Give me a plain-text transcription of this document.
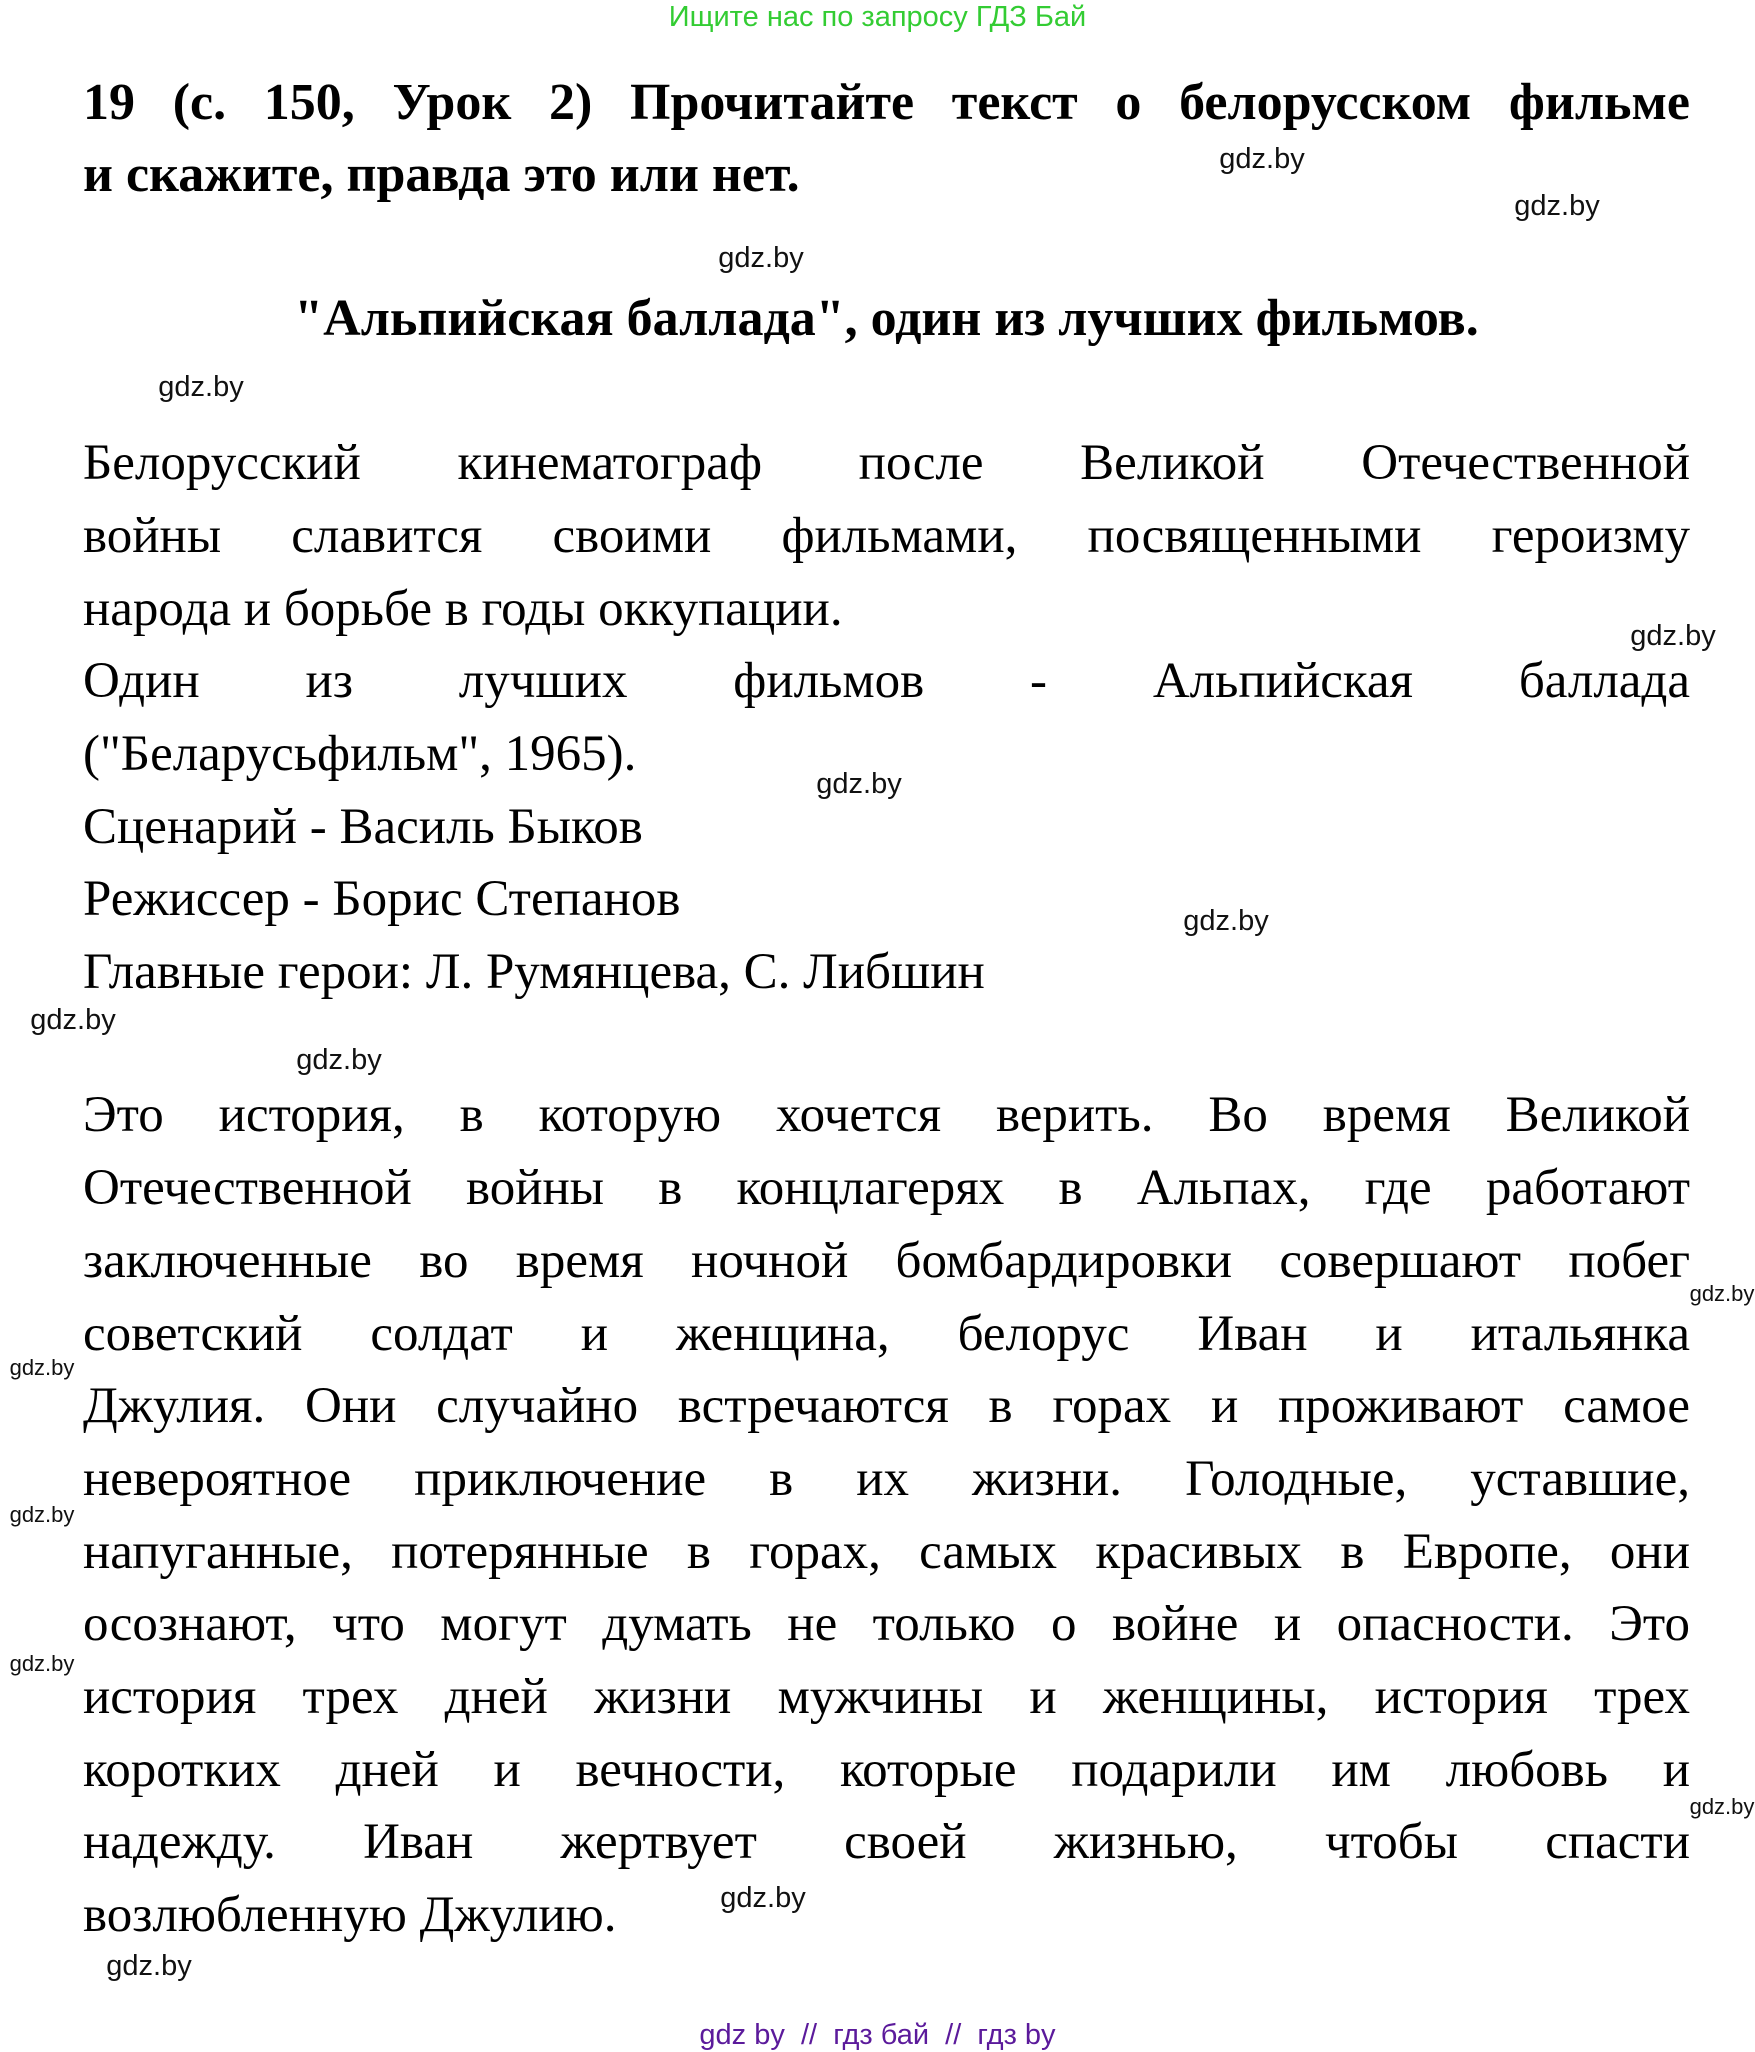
Ищите нас по запросу ГДЗ Бай
19 (с. 150, Урок 2) Прочитайте текст о белорусском фильме
и скажите, правда это или нет.
"Альпийская баллада", один из лучших фильмов.
Белорусский кинематограф после Великой Отечественной
войны славится своими фильмами, посвященными героизму
народа и борьбе в годы оккупации.
Один из лучших фильмов - Альпийская баллада
("Беларусьфильм", 1965).
Сценарий - Василь Быков
Режиссер - Борис Степанов
Главные герои: Л. Румянцева, С. Либшин
Это история, в которую хочется верить. Во время Великой
Отечественной войны в концлагерях в Альпах, где работают
заключенные во время ночной бомбардировки совершают побег
советский солдат и женщина, белорус Иван и итальянка
Джулия. Они случайно встречаются в горах и проживают самое
невероятное приключение в их жизни. Голодные, уставшие,
напуганные, потерянные в горах, самых красивых в Европе, они
осознают, что могут думать не только о войне и опасности. Это
история трех дней жизни мужчины и женщины, история трех
коротких дней и вечности, которые подарили им любовь и
надежду. Иван жертвует своей жизнью, чтобы спасти
возлюбленную Джулию.
gdz.by
gdz.by
gdz.by
gdz.by
gdz.by
gdz.by
gdz.by
gdz.by
gdz.by
gdz.by
gdz.by
gdz.by
gdz.by
gdz.by
gdz.by
gdz.by
gdz by  //  гдз бай  //  гдз by
